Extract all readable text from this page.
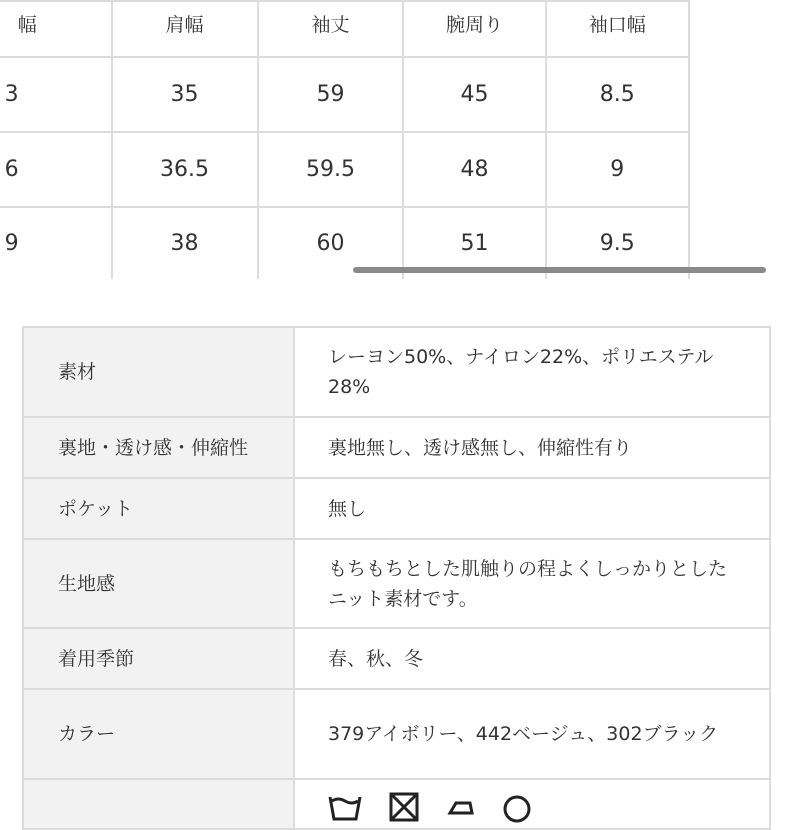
幅	肩幅	袖丈	腕周り	袖口幅
3	35	59	45	8.5
6	36.5	59.5	48	9
9	38	60	51	9.5
素材	レーヨン50%、ナイロン22%、ポリエステル28%
裏地・透け感・伸縮性	裏地無し、透け感無し、伸縮性有り
ポケット	無し
生地感	もちもちとした肌触りの程よくしっかりとしたニット素材です。
着用季節	春、秋、冬
カラー	379アイボリー、442ベージュ、302ブラック
